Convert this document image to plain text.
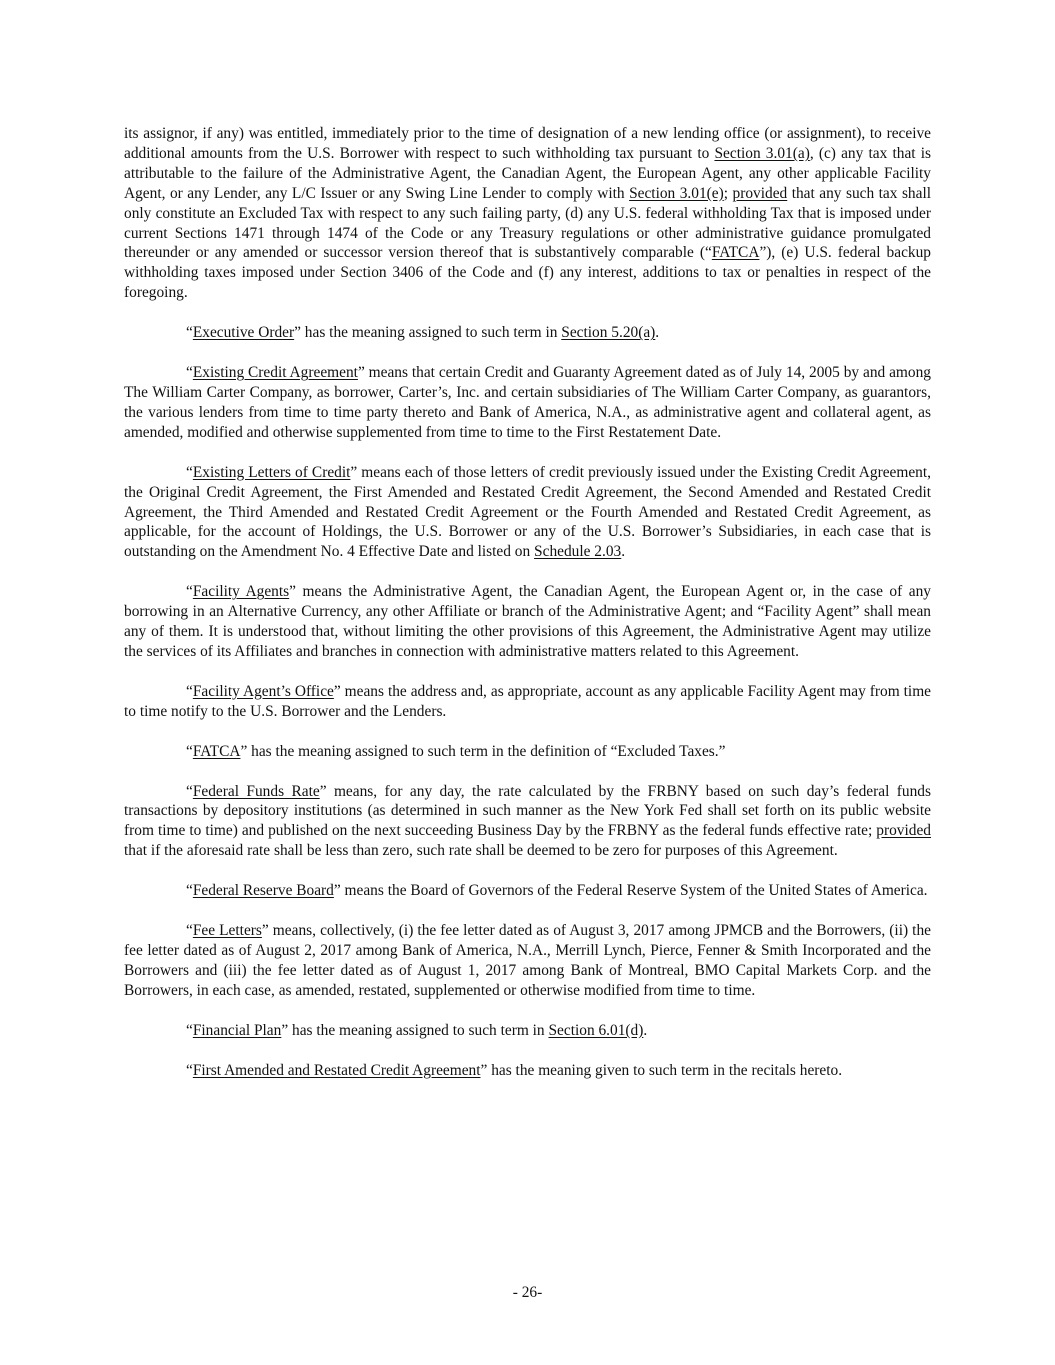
its assignor, if any) was entitled, immediately prior to the time of designation of a new lending office (or assignment), to receive additional amounts from the U.S. Borrower with respect to such withholding tax pursuant to Section 3.01(a), (c) any tax that is attributable to the failure of the Administrative Agent, the Canadian Agent, the European Agent, any other applicable Facility Agent, or any Lender, any L/C Issuer or any Swing Line Lender to comply with Section 3.01(e); provided that any such tax shall only constitute an Excluded Tax with respect to any such failing party, (d) any U.S. federal withholding Tax that is imposed under current Sections 1471 through 1474 of the Code or any Treasury regulations or other administrative guidance promulgated thereunder or any amended or successor version thereof that is substantively comparable (“FATCA”), (e) U.S. federal backup withholding taxes imposed under Section 3406 of the Code and (f) any interest, additions to tax or penalties in respect of the foregoing.

“Executive Order” has the meaning assigned to such term in Section 5.20(a).

“Existing Credit Agreement” means that certain Credit and Guaranty Agreement dated as of July 14, 2005 by and among The William Carter Company, as borrower, Carter’s, Inc. and certain subsidiaries of The William Carter Company, as guarantors, the various lenders from time to time party thereto and Bank of America, N.A., as administrative agent and collateral agent, as amended, modified and otherwise supplemented from time to time to the First Restatement Date.

“Existing Letters of Credit” means each of those letters of credit previously issued under the Existing Credit Agreement, the Original Credit Agreement, the First Amended and Restated Credit Agreement, the Second Amended and Restated Credit Agreement, the Third Amended and Restated Credit Agreement or the Fourth Amended and Restated Credit Agreement, as applicable, for the account of Holdings, the U.S. Borrower or any of the U.S. Borrower’s Subsidiaries, in each case that is outstanding on the Amendment No. 4 Effective Date and listed on Schedule 2.03.

“Facility Agents” means the Administrative Agent, the Canadian Agent, the European Agent or, in the case of any borrowing in an Alternative Currency, any other Affiliate or branch of the Administrative Agent; and “Facility Agent” shall mean any of them. It is understood that, without limiting the other provisions of this Agreement, the Administrative Agent may utilize the services of its Affiliates and branches in connection with administrative matters related to this Agreement.

“Facility Agent’s Office” means the address and, as appropriate, account as any applicable Facility Agent may from time to time notify to the U.S. Borrower and the Lenders.

“FATCA” has the meaning assigned to such term in the definition of “Excluded Taxes.”

“Federal Funds Rate” means, for any day, the rate calculated by the FRBNY based on such day’s federal funds transactions by depository institutions (as determined in such manner as the New York Fed shall set forth on its public website from time to time) and published on the next succeeding Business Day by the FRBNY as the federal funds effective rate; provided that if the aforesaid rate shall be less than zero, such rate shall be deemed to be zero for purposes of this Agreement.

“Federal Reserve Board” means the Board of Governors of the Federal Reserve System of the United States of America.

“Fee Letters” means, collectively, (i) the fee letter dated as of August 3, 2017 among JPMCB and the Borrowers, (ii) the fee letter dated as of August 2, 2017 among Bank of America, N.A., Merrill Lynch, Pierce, Fenner & Smith Incorporated and the Borrowers and (iii) the fee letter dated as of August 1, 2017 among Bank of Montreal, BMO Capital Markets Corp. and the Borrowers, in each case, as amended, restated, supplemented or otherwise modified from time to time.

“Financial Plan” has the meaning assigned to such term in Section 6.01(d).

“First Amended and Restated Credit Agreement” has the meaning given to such term in the recitals hereto.

- 26-
